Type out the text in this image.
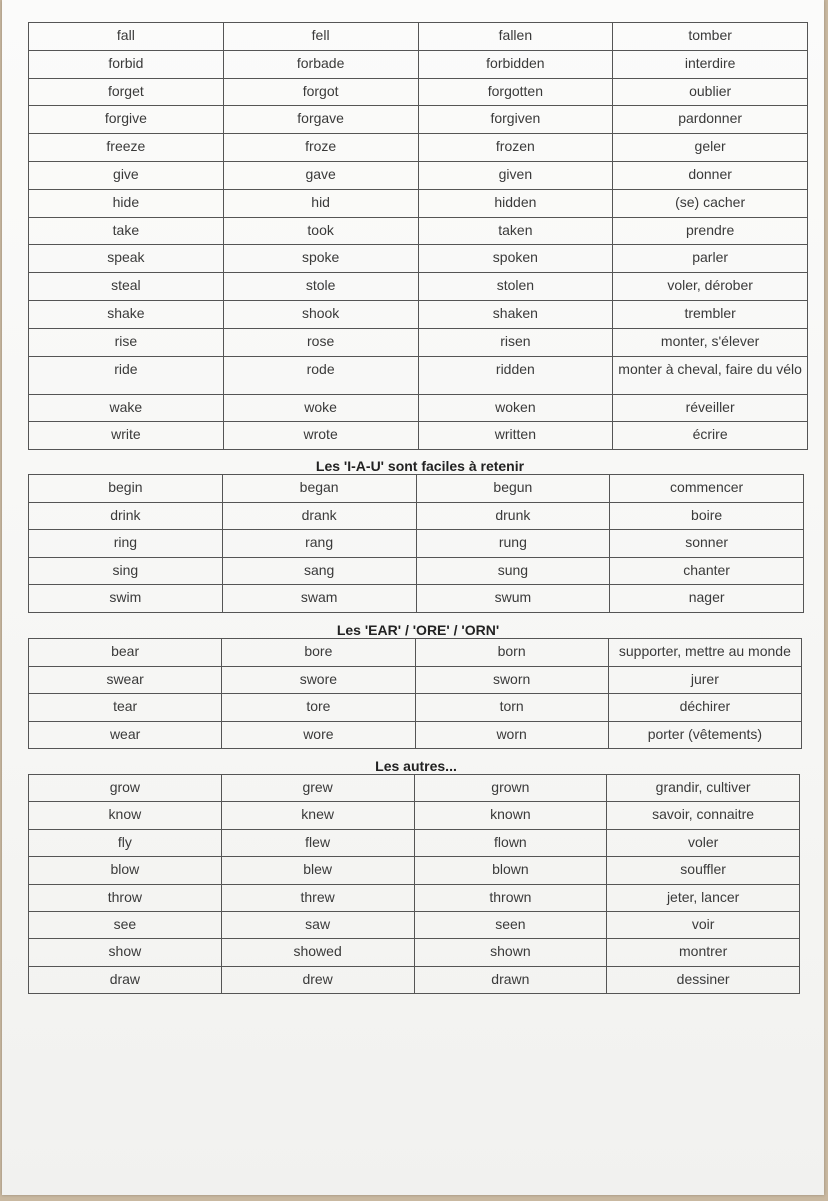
fall	fell	fallen	tomber
forbid	forbade	forbidden	interdire
forget	forgot	forgotten	oublier
forgive	forgave	forgiven	pardonner
freeze	froze	frozen	geler
give	gave	given	donner
hide	hid	hidden	(se) cacher
take	took	taken	prendre
speak	spoke	spoken	parler
steal	stole	stolen	voler, dérober
shake	shook	shaken	trembler
rise	rose	risen	monter, s'élever
ride	rode	ridden	monter à cheval, faire du vélo
wake	woke	woken	réveiller
write	wrote	written	écrire
Les 'I-A-U' sont faciles à retenir
begin	began	begun	commencer
drink	drank	drunk	boire
ring	rang	rung	sonner
sing	sang	sung	chanter
swim	swam	swum	nager
Les 'EAR' / 'ORE' / 'ORN'
bear	bore	born	supporter, mettre au monde
swear	swore	sworn	jurer
tear	tore	torn	déchirer
wear	wore	worn	porter (vêtements)
Les autres...
grow	grew	grown	grandir, cultiver
know	knew	known	savoir, connaitre
fly	flew	flown	voler
blow	blew	blown	souffler
throw	threw	thrown	jeter, lancer
see	saw	seen	voir
show	showed	shown	montrer
draw	drew	drawn	dessiner
